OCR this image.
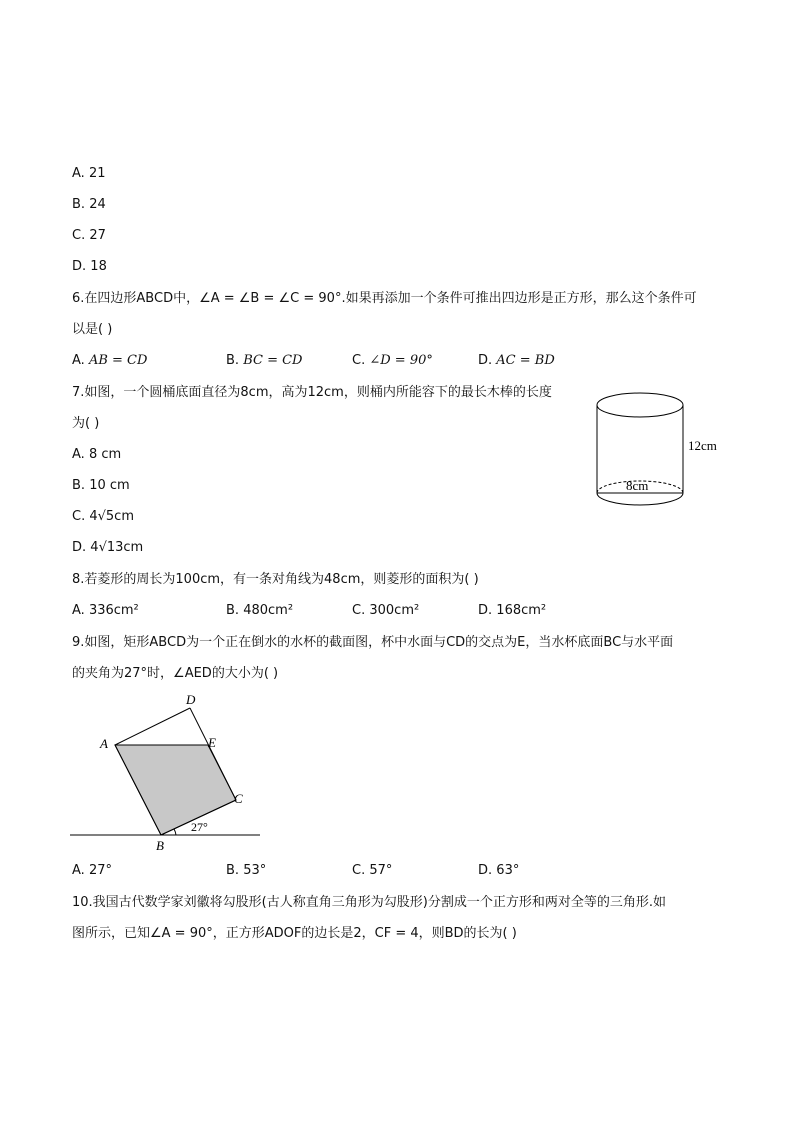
A. 21
B. 24
C. 27
D. 18
6.在四边形ABCD中，∠A = ∠B = ∠C = 90°.如果再添加一个条件可推出四边形是正方形，那么这个条件可
以是( )
A. AB = CD	B. BC = CD	C. ∠D = 90°	D. AC = BD
7.如图，一个圆桶底面直径为8cm，高为12cm，则桶内所能容下的最长木棒的长度
为( )
A. 8 cm
B. 10 cm
C. 4√5cm
D. 4√13cm
12cm
8cm
8.若菱形的周长为100cm，有一条对角线为48cm，则菱形的面积为( )
A. 336cm²	B. 480cm²	C. 300cm²	D. 168cm²
9.如图，矩形ABCD为一个正在倒水的水杯的截面图，杯中水面与CD的交点为E，当水杯底面BC与水平面
的夹角为27°时，∠AED的大小为( )
A
D
E
C
B
27°
A. 27°	B. 53°	C. 57°	D. 63°
10.我国古代数学家刘徽将勾股形(古人称直角三角形为勾股形)分割成一个正方形和两对全等的三角形.如
图所示，已知∠A = 90°，正方形ADOF的边长是2，CF = 4，则BD的长为( )
